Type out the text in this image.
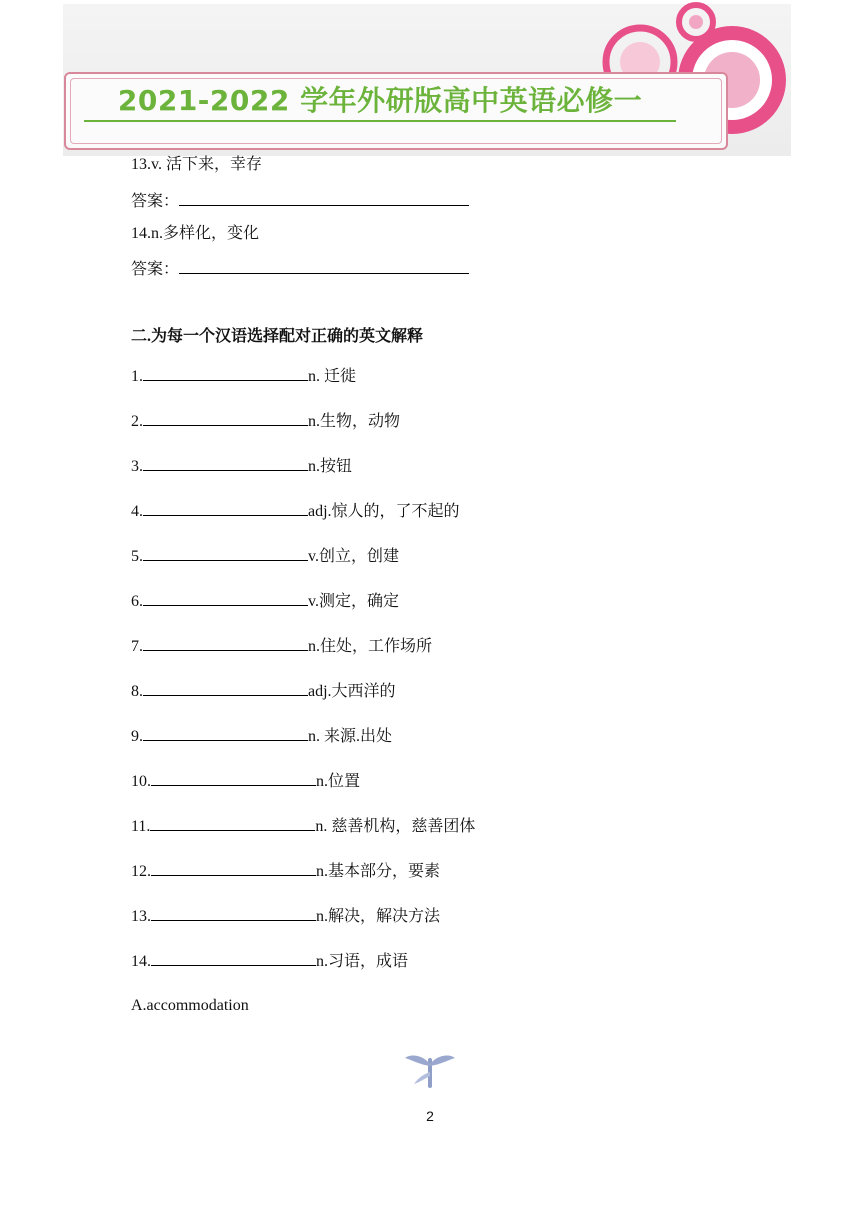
2021-2022 学年外研版高中英语必修一
13.v. 活下来，幸存
答案：
14.n.多样化，变化
答案：
二.为每一个汉语选择配对正确的英文解释
1.	n. 迁徙
2.	n.生物，动物
3.	n.按钮
4.	adj.惊人的，了不起的
5.	v.创立，创建
6.	v.测定，确定
7.	n.住处，工作场所
8.	adj.大西洋的
9.	n. 来源.出处
10.	n.位置
11.	n. 慈善机构，慈善团体
12.	n.基本部分，要素
13.	n.解决，解决方法
14.	n.习语，成语
A.accommodation
2
